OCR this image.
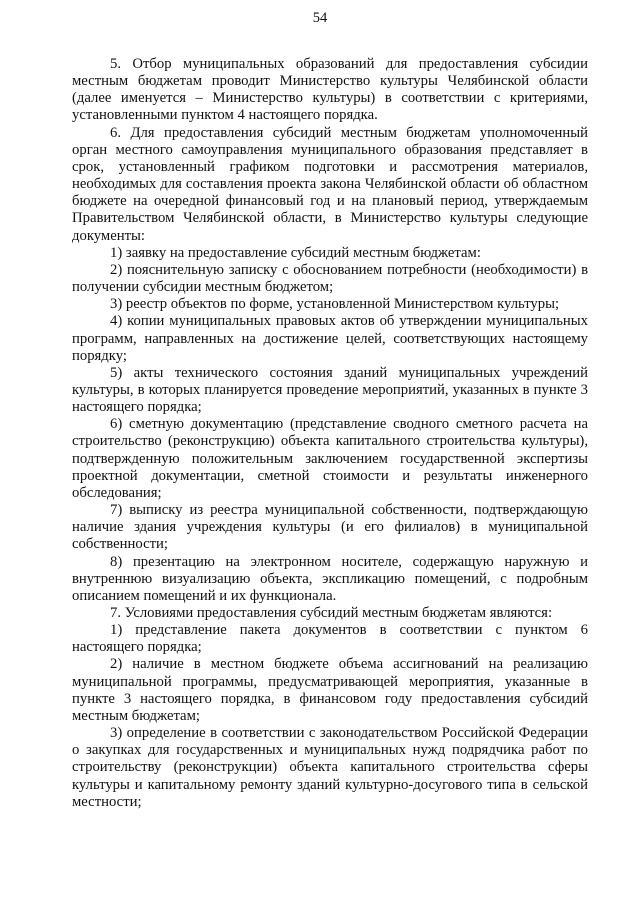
54

5. Отбор муниципальных образований для предоставления субсидии местным бюджетам проводит Министерство культуры Челябинской области (далее именуется – Министерство культуры) в соответствии с критериями, установленными пунктом 4 настоящего порядка.

6. Для предоставления субсидий местным бюджетам уполномоченный орган местного самоуправления муниципального образования представляет в срок, установленный графиком подготовки и рассмотрения материалов, необходимых для составления проекта закона Челябинской области об областном бюджете на очередной финансовый год и на плановый период, утверждаемым Правительством Челябинской области, в Министерство культуры следующие документы:

1) заявку на предоставление субсидий местным бюджетам:

2) пояснительную записку с обоснованием потребности (необходимости) в получении субсидии местным бюджетом;

3) реестр объектов по форме, установленной Министерством культуры;

4) копии муниципальных правовых актов об утверждении муниципальных программ, направленных на достижение целей, соответствующих настоящему порядку;

5) акты технического состояния зданий муниципальных учреждений культуры, в которых планируется проведение мероприятий, указанных в пункте 3 настоящего порядка;

6) сметную документацию (представление сводного сметного расчета на строительство (реконструкцию) объекта капитального строительства культуры), подтвержденную положительным заключением государственной экспертизы проектной документации, сметной стоимости и результаты инженерного обследования;

7) выписку из реестра муниципальной собственности, подтверждающую наличие здания учреждения культуры (и его филиалов) в муниципальной собственности;

8) презентацию на электронном носителе, содержащую наружную и внутреннюю визуализацию объекта, экспликацию помещений, с подробным описанием помещений и их функционала.

7. Условиями предоставления субсидий местным бюджетам являются:

1) представление пакета документов в соответствии с пунктом 6 настоящего порядка;

2) наличие в местном бюджете объема ассигнований на реализацию муниципальной программы, предусматривающей мероприятия, указанные в пункте 3 настоящего порядка, в финансовом году предоставления субсидий местным бюджетам;

3) определение в соответствии с законодательством Российской Федерации о закупках для государственных и муниципальных нужд подрядчика работ по строительству (реконструкции) объекта капитального строительства сферы культуры и капитальному ремонту зданий культурно-досугового типа в сельской местности;
